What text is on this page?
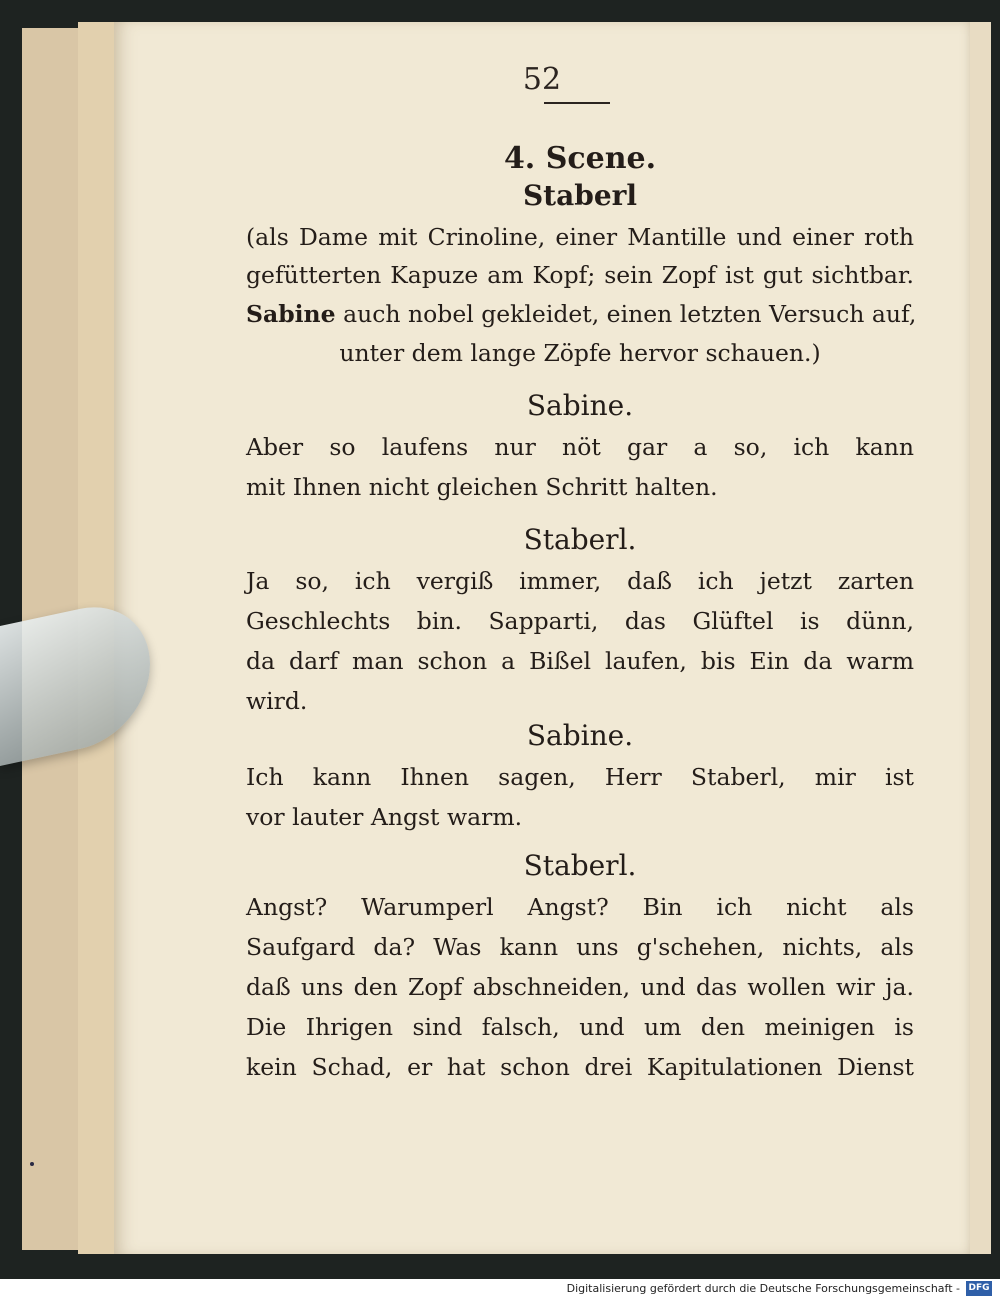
52
4. Scene.
Staberl
(als Dame mit Crinoline, einer Mantille und einer roth
gefütterten Kapuze am Kopf; sein Zopf ist gut sichtbar.
Sabine auch nobel gekleidet, einen letzten Versuch auf,
unter dem lange Zöpfe hervor schauen.)
Sabine.
Aber so laufens nur nöt gar a so, ich kann
mit Ihnen nicht gleichen Schritt halten.
Staberl.
Ja so, ich vergiß immer, daß ich jetzt zarten
Geschlechts bin. Sapparti, das Glüftel is dünn,
da darf man schon a Bißel laufen, bis Ein da warm
wird.
Sabine.
Ich kann Ihnen sagen, Herr Staberl, mir ist
vor lauter Angst warm.
Staberl.
Angst? Warumperl Angst? Bin ich nicht als
Saufgard da? Was kann uns g'schehen, nichts, als
daß uns den Zopf abschneiden, und das wollen wir ja.
Die Ihrigen sind falsch, und um den meinigen is
kein Schad, er hat schon drei Kapitulationen Dienst
Digitalisierung gefördert durch die Deutsche Forschungsgemeinschaft - DFG
